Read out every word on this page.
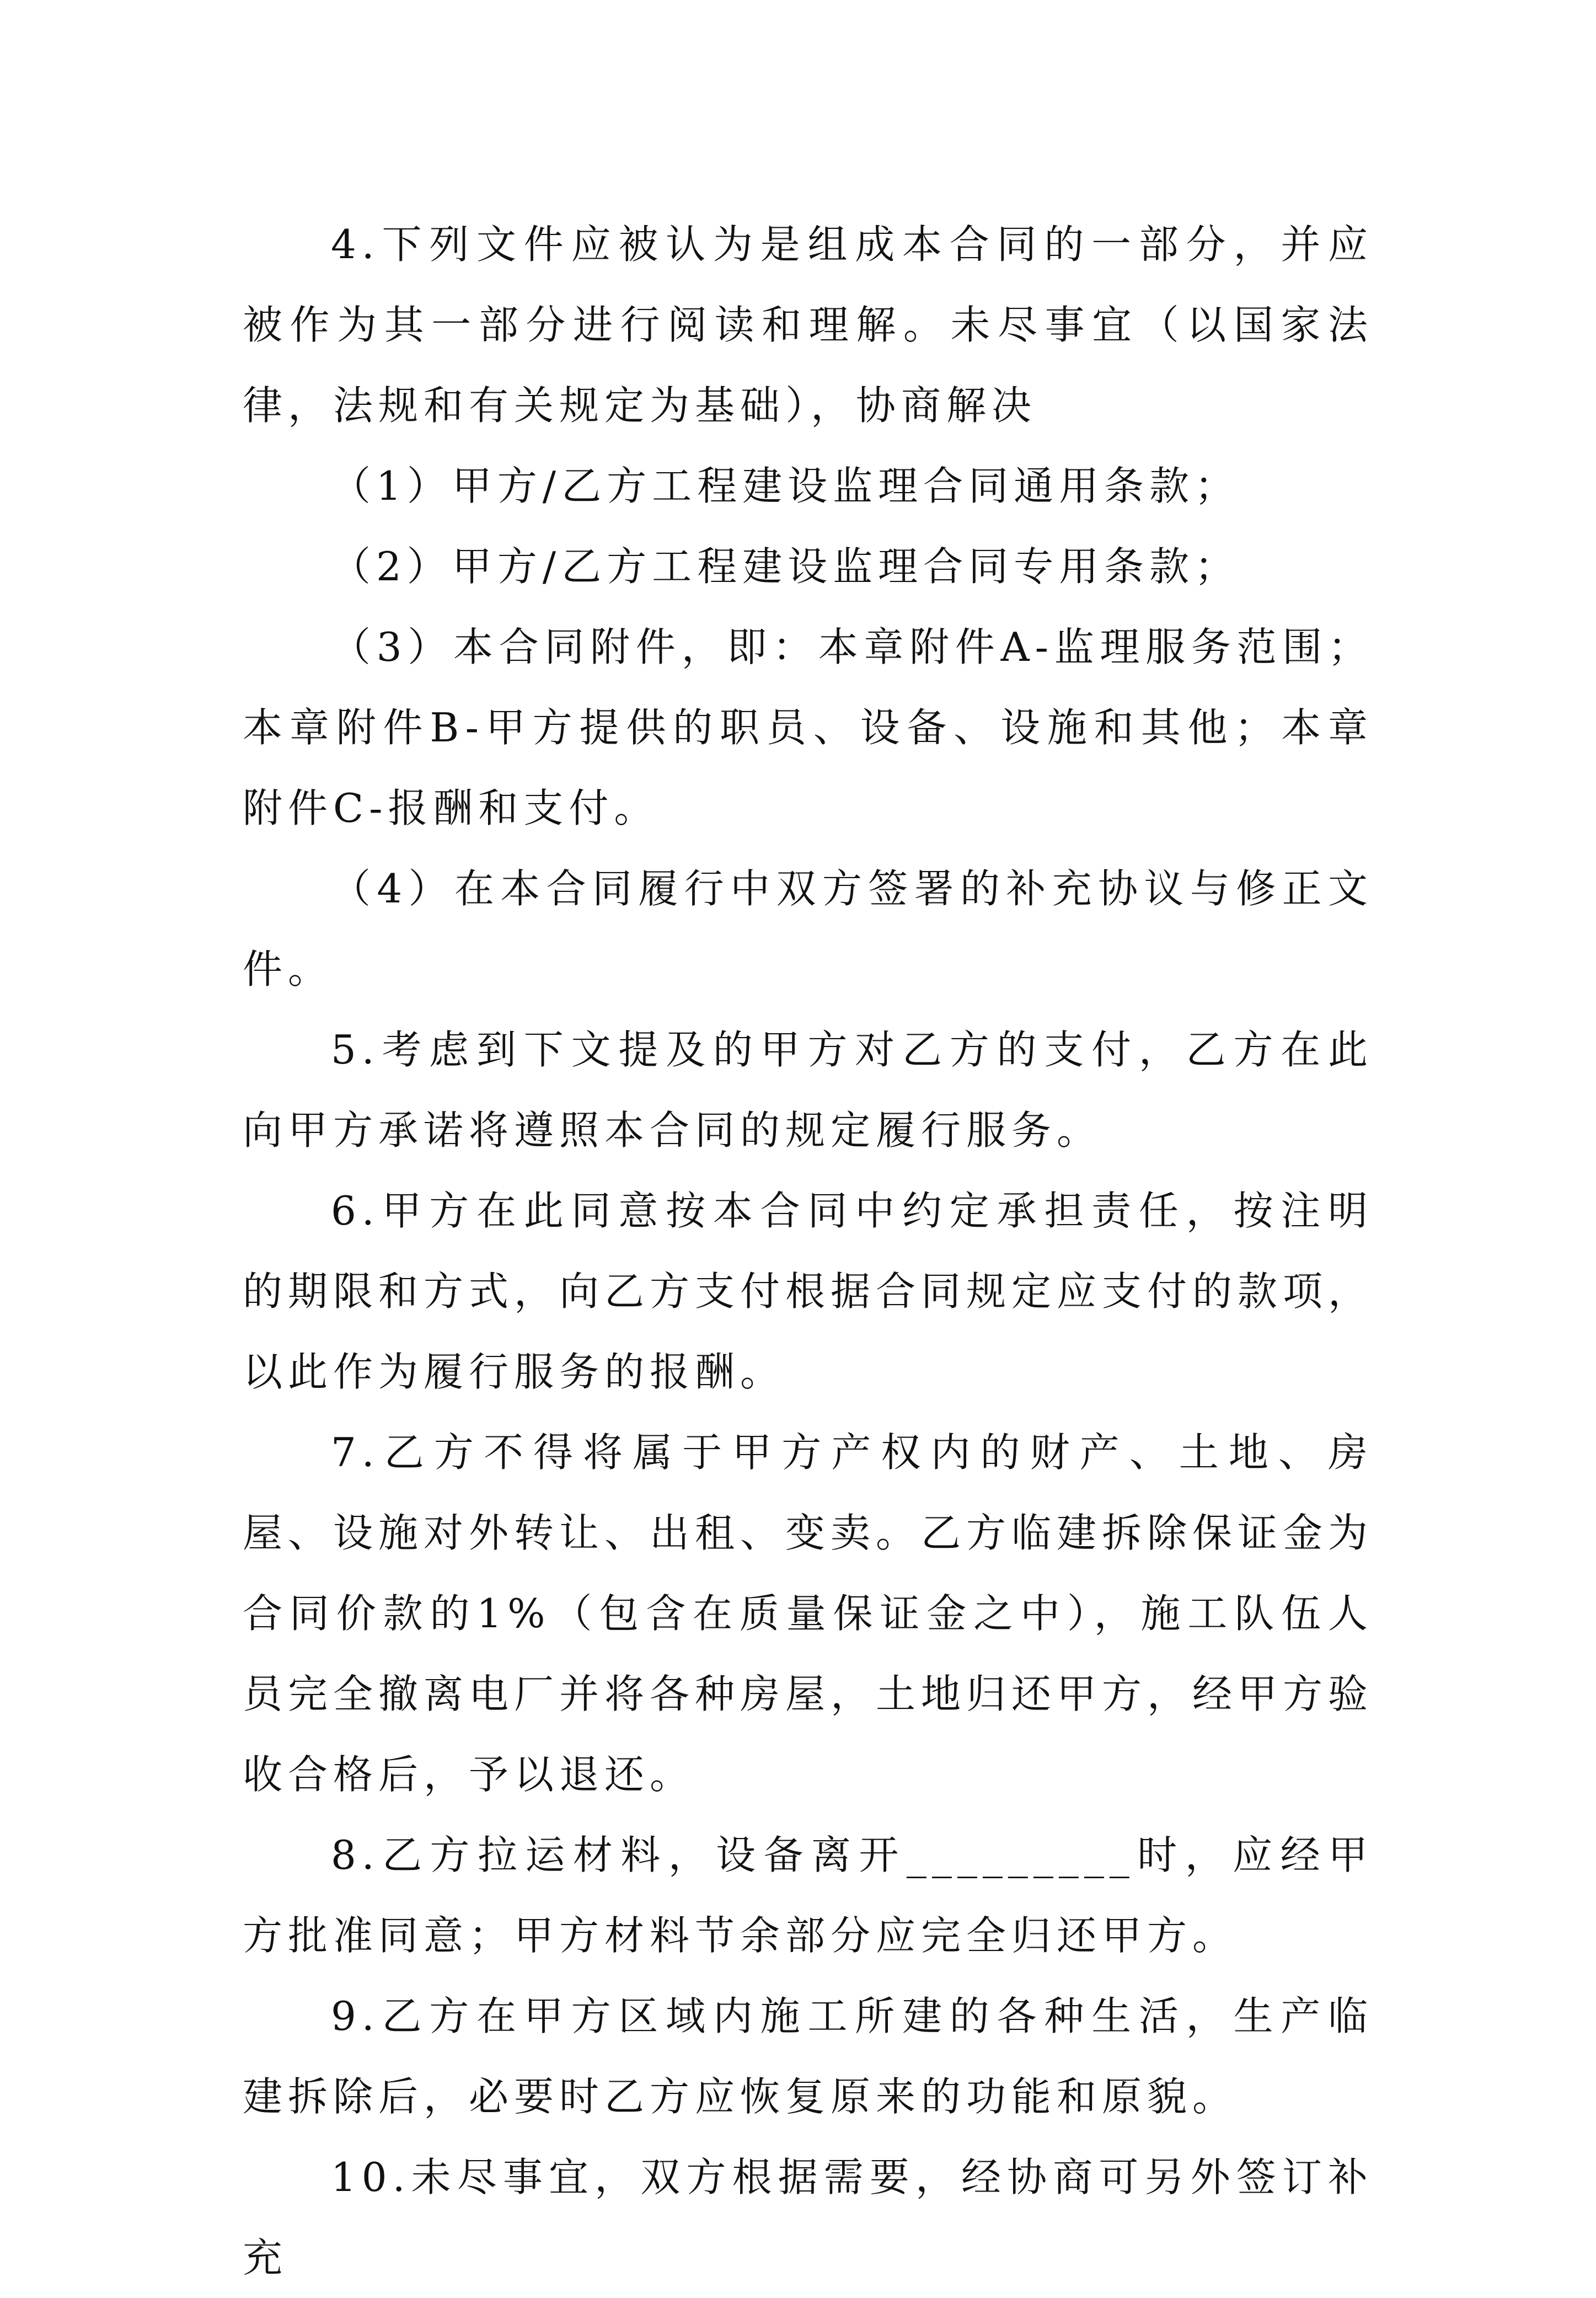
4.下列文件应被认为是组成本合同的一部分，并应被作为其一部分进行阅读和理解。未尽事宜（以国家法律，法规和有关规定为基础），协商解决

（1）甲方/乙方工程建设监理合同通用条款；

（2）甲方/乙方工程建设监理合同专用条款；

（3）本合同附件，即：本章附件A-监理服务范围；本章附件B-甲方提供的职员、设备、设施和其他；本章附件C-报酬和支付。

（4）在本合同履行中双方签署的补充协议与修正文件。

5.考虑到下文提及的甲方对乙方的支付，乙方在此向甲方承诺将遵照本合同的规定履行服务。

6.甲方在此同意按本合同中约定承担责任，按注明的期限和方式，向乙方支付根据合同规定应支付的款项，以此作为履行服务的报酬。

7.乙方不得将属于甲方产权内的财产、土地、房屋、设施对外转让、出租、变卖。乙方临建拆除保证金为合同价款的1%（包含在质量保证金之中），施工队伍人员完全撤离电厂并将各种房屋，土地归还甲方，经甲方验收合格后，予以退还。

8.乙方拉运材料，设备离开_________时，应经甲方批准同意；甲方材料节余部分应完全归还甲方。

9.乙方在甲方区域内施工所建的各种生活，生产临建拆除后，必要时乙方应恢复原来的功能和原貌。

10.未尽事宜，双方根据需要，经协商可另外签订补充
